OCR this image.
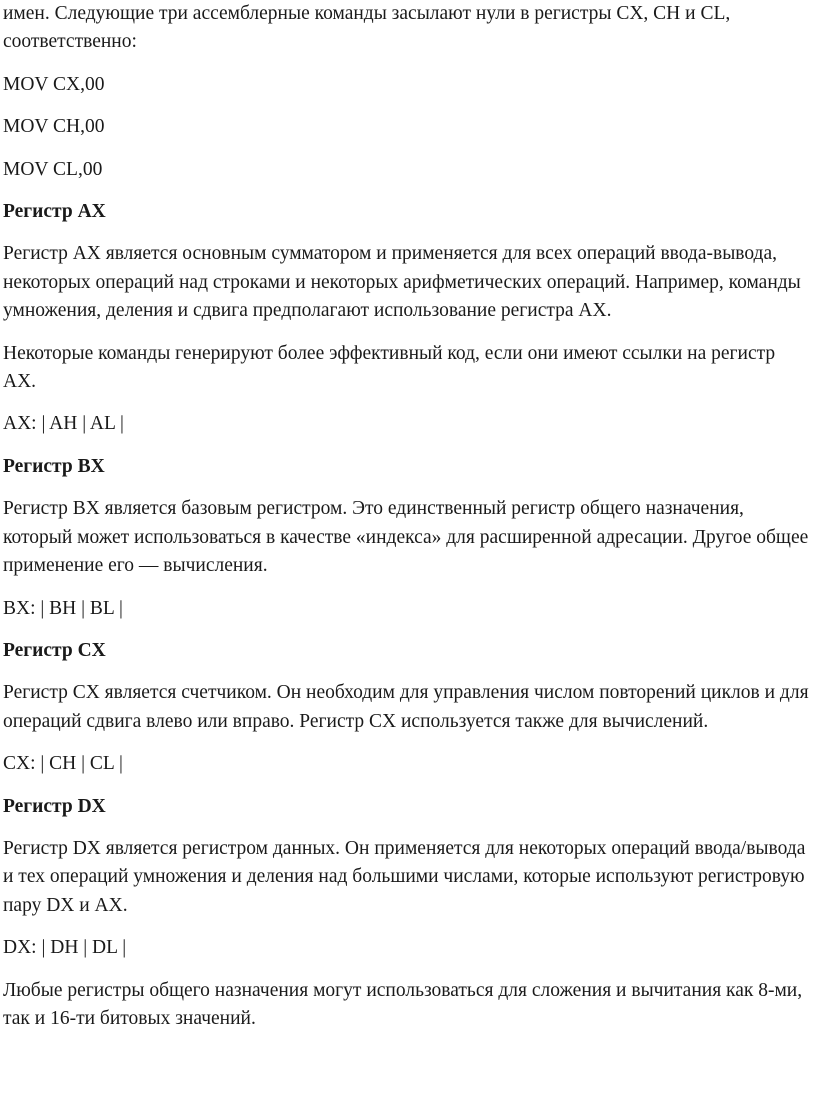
имен. Следующие три ассемблерные команды засылают нули в регистры CX, CH и CL, соответственно:

MOV CX,00

MOV CH,00

MOV CL,00

Регистр AX

Регистр AX является основным сумматором и применяется для всех операций ввода-вывода, некоторых операций над строками и некоторых арифметических операций. Например, команды умножения, деления и сдвига предполагают использование регистра AX.

Некоторые команды генерируют более эффективный код, если они имеют ссылки на регистр AX.

AX: | AH | AL |

Регистр BX

Регистр BX является базовым регистром. Это единственный регистр общего назначения, который может использоваться в качестве «индекса» для расширенной адресации. Другое общее применение его — вычисления.

BX: | BH | BL |

Регистр CX

Регистр CX является счетчиком. Он необходим для управления числом повторений циклов и для операций сдвига влево или вправо. Регистр CX используется также для вычислений.

CX: | CH | CL |

Регистр DX

Регистр DX является регистром данных. Он применяется для некоторых операций ввода/вывода и тех операций умножения и деления над большими числами, которые используют регистровую пару DX и AX.

DX: | DH | DL |

Любые регистры общего назначения могут использоваться для сложения и вычитания как 8-ми, так и 16-ти битовых значений.
